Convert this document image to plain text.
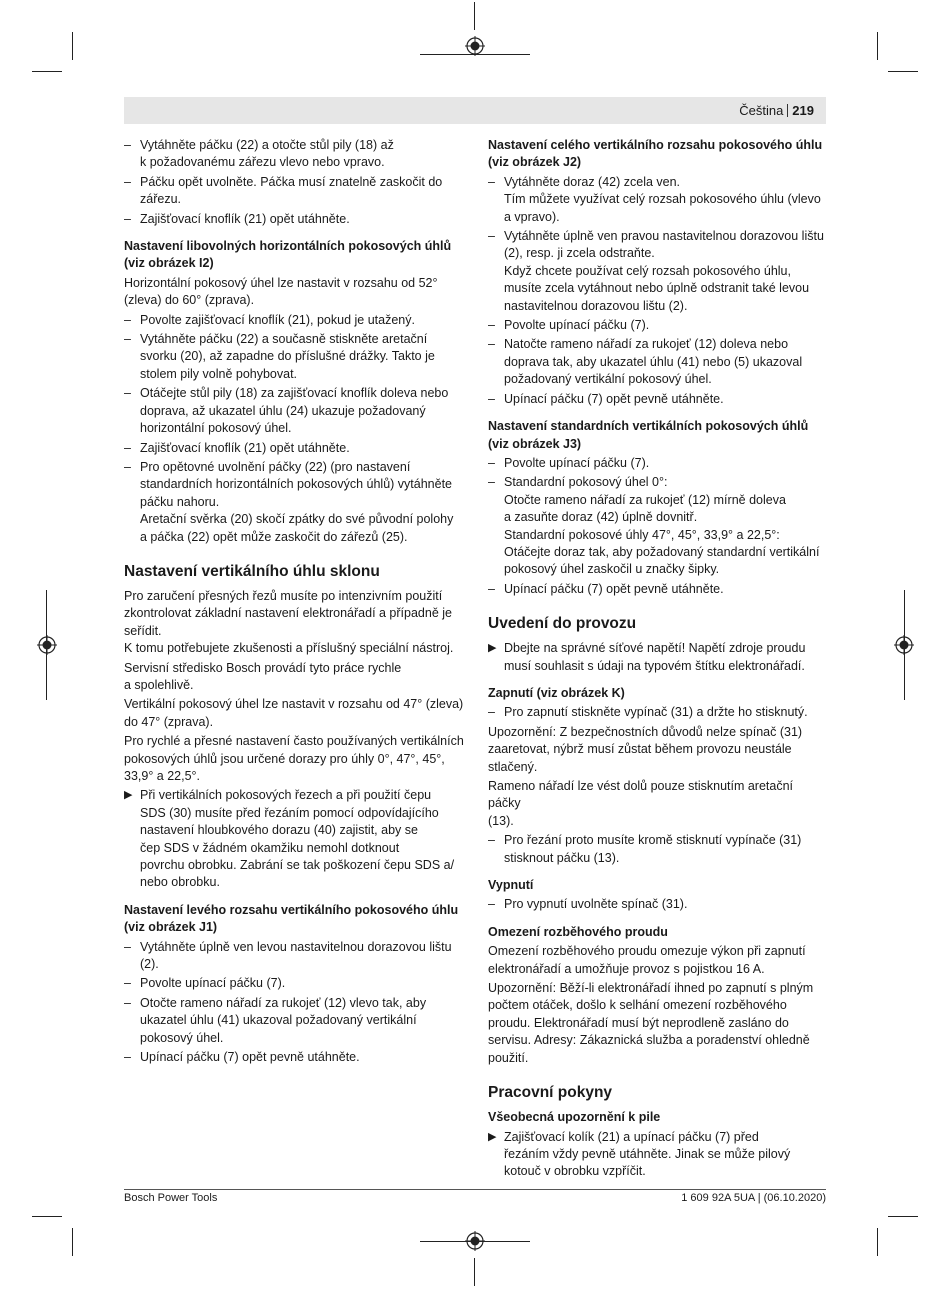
Čeština 219
– Vytáhněte páčku (22) a otočte stůl pily (18) až
k požadovanému zářezu vlevo nebo vpravo.
– Páčku opět uvolněte. Páčka musí znatelně zaskočit do
zářezu.
– Zajišťovací knoflík (21) opět utáhněte.
Nastavení libovolných horizontálních pokosových úhlů
(viz obrázek I2)
Horizontální pokosový úhel lze nastavit v rozsahu od 52°
(zleva) do 60° (zprava).
– Povolte zajišťovací knoflík (21), pokud je utažený.
– Vytáhněte páčku (22) a současně stiskněte aretační
svorku (20), až zapadne do příslušné drážky. Takto je
stolem pily volně pohybovat.
– Otáčejte stůl pily (18) za zajišťovací knoflík doleva nebo
doprava, až ukazatel úhlu (24) ukazuje požadovaný
horizontální pokosový úhel.
– Zajišťovací knoflík (21) opět utáhněte.
– Pro opětovné uvolnění páčky (22) (pro nastavení
standardních horizontálních pokosových úhlů) vytáhněte
páčku nahoru.
Aretační svěrka (20) skočí zpátky do své původní polohy
a páčka (22) opět může zaskočit do zářezů (25).
Nastavení vertikálního úhlu sklonu
Pro zaručení přesných řezů musíte po intenzivním použití
zkontrolovat základní nastavení elektronářadí a případně je
seřídit.
K tomu potřebujete zkušenosti a příslušný speciální nástroj.
Servisní středisko Bosch provádí tyto práce rychle
a spolehlivě.
Vertikální pokosový úhel lze nastavit v rozsahu od 47° (zleva)
do 47° (zprava).
Pro rychlé a přesné nastavení často používaných vertikálních
pokosových úhlů jsou určené dorazy pro úhly 0°, 47°, 45°,
33,9° a 22,5°.
▶ Při vertikálních pokosových řezech a při použití čepu
SDS (30) musíte před řezáním pomocí odpovídajícího
nastavení hloubkového dorazu (40) zajistit, aby se
čep SDS v žádném okamžiku nemohl dotknout
povrchu obrobku. Zabrání se tak poškození čepu SDS a/
nebo obrobku.
Nastavení levého rozsahu vertikálního pokosového úhlu
(viz obrázek J1)
– Vytáhněte úplně ven levou nastavitelnou dorazovou lištu
(2).
– Povolte upínací páčku (7).
– Otočte rameno nářadí za rukojeť (12) vlevo tak, aby
ukazatel úhlu (41) ukazoval požadovaný vertikální
pokosový úhel.
– Upínací páčku (7) opět pevně utáhněte.
Nastavení celého vertikálního rozsahu pokosového úhlu
(viz obrázek J2)
– Vytáhněte doraz (42) zcela ven.
Tím můžete využívat celý rozsah pokosového úhlu (vlevo
a vpravo).
– Vytáhněte úplně ven pravou nastavitelnou dorazovou lištu
(2), resp. ji zcela odstraňte.
Když chcete používat celý rozsah pokosového úhlu,
musíte zcela vytáhnout nebo úplně odstranit také levou
nastavitelnou dorazovou lištu (2).
– Povolte upínací páčku (7).
– Natočte rameno nářadí za rukojeť (12) doleva nebo
doprava tak, aby ukazatel úhlu (41) nebo (5) ukazoval
požadovaný vertikální pokosový úhel.
– Upínací páčku (7) opět pevně utáhněte.
Nastavení standardních vertikálních pokosových úhlů
(viz obrázek J3)
– Povolte upínací páčku (7).
– Standardní pokosový úhel 0°:
Otočte rameno nářadí za rukojeť (12) mírně doleva
a zasuňte doraz (42) úplně dovnitř.
Standardní pokosové úhly 47°, 45°, 33,9° a 22,5°:
Otáčejte doraz tak, aby požadovaný standardní vertikální
pokosový úhel zaskočil u značky šipky.
– Upínací páčku (7) opět pevně utáhněte.
Uvedení do provozu
▶ Dbejte na správné síťové napětí! Napětí zdroje proudu
musí souhlasit s údaji na typovém štítku elektronářadí.
Zapnutí (viz obrázek K)
– Pro zapnutí stiskněte vypínač (31) a držte ho stisknutý.
Upozornění: Z bezpečnostních důvodů nelze spínač (31)
zaaretovat, nýbrž musí zůstat během provozu neustále
stlačený.
Rameno nářadí lze vést dolů pouze stisknutím aretační páčky
(13).
– Pro řezání proto musíte kromě stisknutí vypínače (31)
stisknout páčku (13).
Vypnutí
– Pro vypnutí uvolněte spínač (31).
Omezení rozběhového proudu
Omezení rozběhového proudu omezuje výkon při zapnutí
elektronářadí a umožňuje provoz s pojistkou 16 A.
Upozornění: Běží-li elektronářadí ihned po zapnutí s plným
počtem otáček, došlo k selhání omezení rozběhového
proudu. Elektronářadí musí být neprodleně zasláno do
servisu. Adresy: Zákaznická služba a poradenství ohledně
použití.
Pracovní pokyny
Všeobecná upozornění k pile
▶ Zajišťovací kolík (21) a upínací páčku (7) před
řezáním vždy pevně utáhněte. Jinak se může pilový
kotouč v obrobku vzpříčit.
Bosch Power Tools	1 609 92A 5UA | (06.10.2020)
